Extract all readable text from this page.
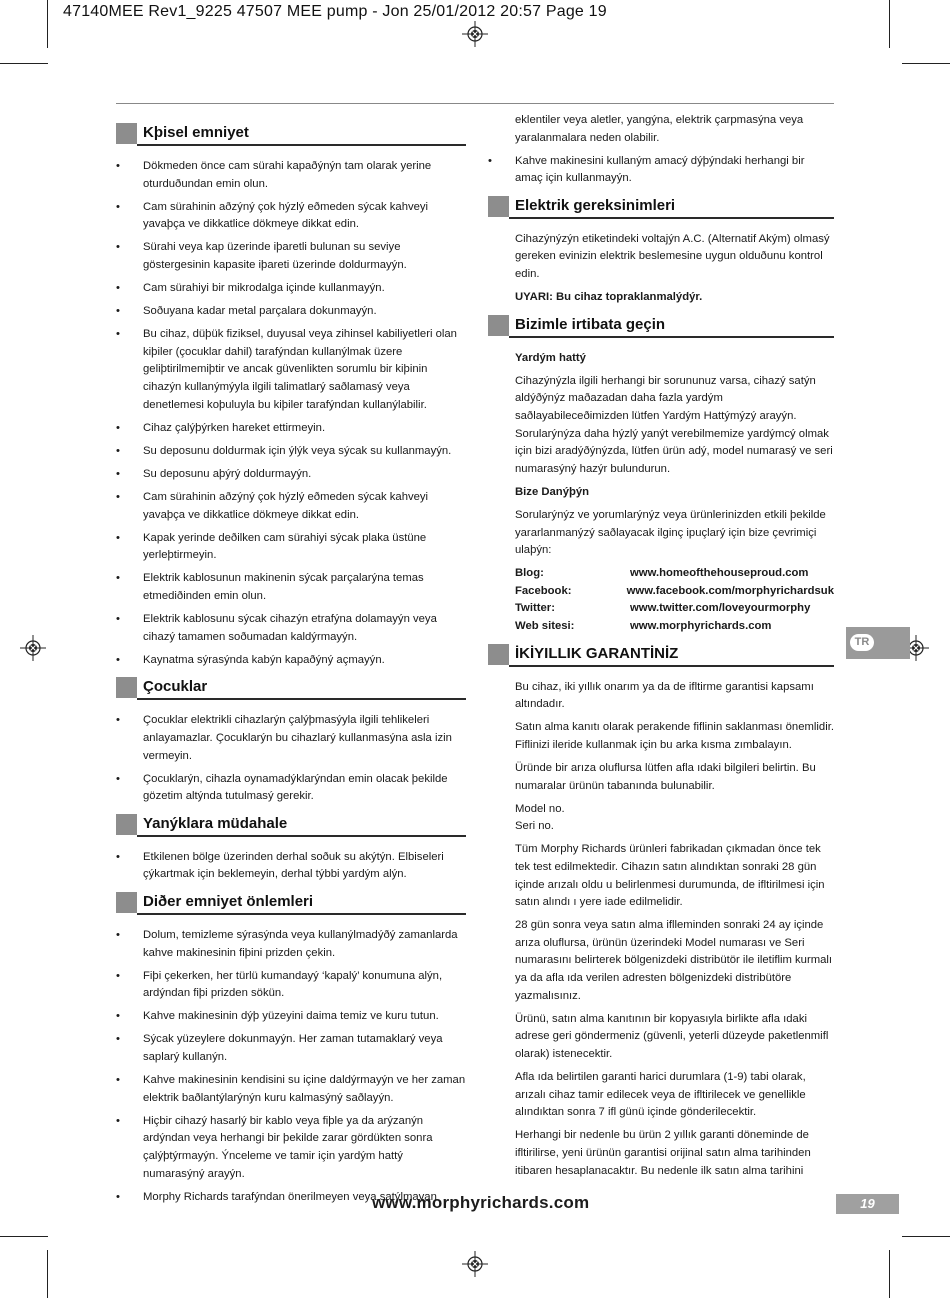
47140MEE Rev1_9225 47507 MEE pump - Jon 25/01/2012 20:57 Page 19
Kþisel emniyet
• Dökmeden önce cam sürahi kapaðýnýn tam olarak yerine oturduðundan emin olun.
• Cam sürahinin aðzýný çok hýzlý eðmeden sýcak kahveyi yavaþça ve dikkatlice dökmeye dikkat edin.
• Sürahi veya kap üzerinde iþaretli bulunan su seviye göstergesinin kapasite iþareti üzerinde doldurmayýn.
• Cam sürahiyi bir mikrodalga içinde kullanmayýn.
• Soðuyana kadar metal parçalara dokunmayýn.
• Bu cihaz, düþük fiziksel, duyusal veya zihinsel kabiliyetleri olan kiþiler (çocuklar dahil) tarafýndan kullanýlmak üzere geliþtirilmemiþtir ve ancak güvenlikten sorumlu bir kiþinin cihazýn kullanýmýyla ilgili talimatlarý saðlamasý veya denetlemesi koþuluyla bu kiþiler tarafýndan kullanýlabilir.
• Cihaz çalýþýrken hareket ettirmeyin.
• Su deposunu doldurmak için ýlýk veya sýcak su kullanmayýn.
• Su deposunu aþýrý doldurmayýn.
• Cam sürahinin aðzýný çok hýzlý eðmeden sýcak kahveyi yavaþça ve dikkatlice dökmeye dikkat edin.
• Kapak yerinde deðilken cam sürahiyi sýcak plaka üstüne yerleþtirmeyin.
• Elektrik kablosunun makinenin sýcak parçalarýna temas etmediðinden emin olun.
• Elektrik kablosunu sýcak cihazýn etrafýna dolamayýn veya cihazý tamamen soðumadan kaldýrmayýn.
• Kaynatma sýrasýnda kabýn kapaðýný açmayýn.
Çocuklar
• Çocuklar elektrikli cihazlarýn çalýþmasýyla ilgili tehlikeleri anlayamazlar. Çocuklarýn bu cihazlarý kullanmasýna asla izin vermeyin.
• Çocuklarýn, cihazla oynamadýklarýndan emin olacak þekilde gözetim altýnda tutulmasý gerekir.
Yanýklara müdahale
• Etkilenen bölge üzerinden derhal soðuk su akýtýn. Elbiseleri çýkartmak için beklemeyin, derhal týbbi yardým alýn.
Diðer emniyet önlemleri
• Dolum, temizleme sýrasýnda veya kullanýlmadýðý zamanlarda kahve makinesinin fiþini prizden çekin.
• Fiþi çekerken, her türlü kumandayý ‘kapalý’ konumuna alýn, ardýndan fiþi prizden sökün.
• Kahve makinesinin dýþ yüzeyini daima temiz ve kuru tutun.
• Sýcak yüzeylere dokunmayýn. Her zaman tutamaklarý veya saplarý kullanýn.
• Kahve makinesinin kendisini su içine daldýrmayýn ve her zaman elektrik baðlantýlarýnýn kuru kalmasýný saðlayýn.
• Hiçbir cihazý hasarlý bir kablo veya fiþle ya da arýzanýn ardýndan veya herhangi bir þekilde zarar gördükten sonra çalýþtýrmayýn. Ýnceleme ve tamir için yardým hattý numarasýný arayýn.
• Morphy Richards tarafýndan önerilmeyen veya satýlmayan

eklentiler veya aletler, yangýna, elektrik çarpmasýna veya yaralanmalara neden olabilir.

• Kahve makinesini kullaným amacý dýþýndaki herhangi bir amaç için kullanmayýn.
Elektrik gereksinimleri

Cihazýnýzýn etiketindeki voltajýn A.C. (Alternatif Akým) olmasý gereken evinizin elektrik beslemesine uygun olduðunu kontrol edin.

UYARI: Bu cihaz topraklanmalýdýr.

Bizimle irtibata geçin

Yardým hattý

Cihazýnýzla ilgili herhangi bir sorununuz varsa, cihazý satýn aldýðýnýz maðazadan daha fazla yardým saðlayabileceðimizden lütfen Yardým Hattýmýzý arayýn. Sorularýnýza daha hýzlý yanýt verebilmemize yardýmcý olmak için bizi aradýðýnýzda, lütfen ürün adý, model numarasý ve seri numarasýný hazýr bulundurun.

Bize Danýþýn

Sorularýnýz ve yorumlarýnýz veya ürünlerinizden etkili þekilde yararlanmanýzý saðlayacak ilginç ipuçlarý için bize çevrimiçi ulaþýn:

Blog:	www.homeofthehouseproud.com
Facebook:	www.facebook.com/morphyrichardsuk
Twitter:	www.twitter.com/loveyourmorphy
Web sitesi:	www.morphyrichards.com
İKİYILLIK GARANTİNİZ

Bu cihaz, iki yıllık onarım ya da de ifltirme garantisi kapsamı altındadır.

Satın alma kanıtı olarak perakende fiflinin saklanması önemlidir. Fiflinizi ileride kullanmak için bu arka kısma zımbalayın.

Üründe bir arıza oluflursa lütfen afla ıdaki bilgileri belirtin. Bu numaralar ürünün tabanında bulunabilir.

Model no.

Seri no.

Tüm Morphy Richards ürünleri fabrikadan çıkmadan önce tek tek test edilmektedir. Cihazın satın alındıktan sonraki 28 gün içinde arızalı oldu u belirlenmesi durumunda, de ifltirilmesi için satın alındı ı yere iade edilmelidir.

28 gün sonra veya satın alma iflleminden sonraki 24 ay içinde arıza oluflursa, ürünün üzerindeki Model numarası ve Seri numarasını belirterek bölgenizdeki distribütör ile iletiflim kurmalı ya da afla ıda verilen adresten bölgenizdeki distribütöre yazmalısınız.

Ürünü, satın alma kanıtının bir kopyasıyla birlikte afla ıdaki adrese geri göndermeniz (güvenli, yeterli düzeyde paketlenmifl olarak) istenecektir.

Afla ıda belirtilen garanti harici durumlara (1-9) tabi olarak, arızalı cihaz tamir edilecek veya de ifltirilecek ve genellikle alındıktan sonra 7 ifl günü içinde gönderilecektir.

Herhangi bir nedenle bu ürün 2 yıllık garanti döneminde de ifltirilirse, yeni ürünün garantisi orijinal satın alma tarihinden itibaren hesaplanacaktır. Bu nedenle ilk satın alma tarihini

TR
www.morphyrichards.com	19
